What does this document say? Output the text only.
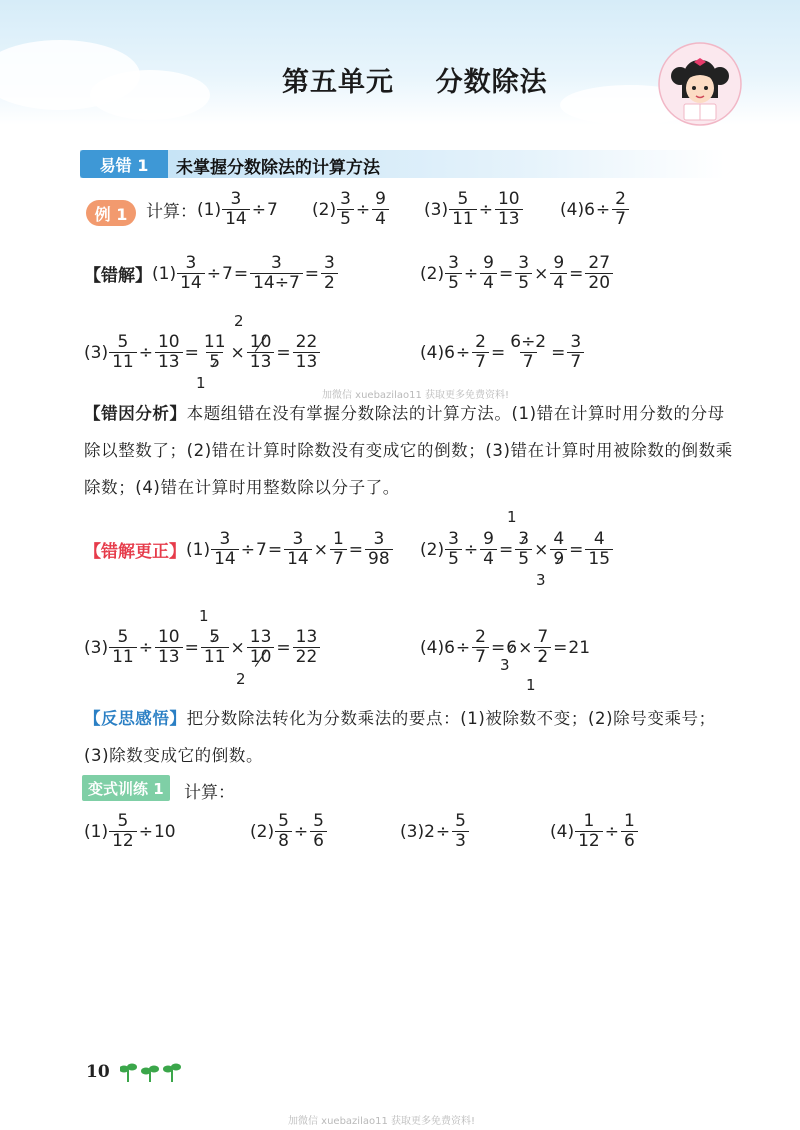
第五单元    分数除法
易错 1	未掌握分数除法的计算方法
例 1	计算： $(1) \frac{3}{14} \div 7$ $(2) \frac{3}{5} \div \frac{9}{4} (3) \frac{5}{11} \div \frac{10}{13} (4) 6 \div \frac{2}{7}$
【错解】 $(1) \frac{3}{14} \div 7 = \frac{3}{14\div 7} = \frac{3}{2}$	$(2) \frac{3}{5} \div \frac{9}{4} = \frac{3}{5} \times \frac{9}{4} = \frac{27}{20}$
$(3) \frac{5}{11} \div \frac{10}{13} = \frac{11}{5} \times \frac{10}{13} = \frac{22}{13}$
2
1
(4) $6 \div \frac{2}{7} = \frac{6\div 2}{7} = \frac{3}{7}$
加微信 xuebazilao11 获取更多免费资料!
【错因分析】本题组错在没有掌握分数除法的计算方法。(1)错在计算时用分数的分母除以整数了；(2)错在计算时除数没有变成它的倒数；(3)错在计算时用被除数的倒数乘除数；(4)错在计算时用整数除以分子了。
【错解更正】 $(1) \frac{3}{14} \div 7 = \frac{3}{14} \times \frac{1}{7} = \frac{3}{98} (2) \frac{3}{5} \div \frac{9}{4} = \frac{3}{5} \times \frac{4}{9} = \frac{4}{15}$
1
3
$(3) \frac{5}{11} \div \frac{10}{13} = \frac{5}{11} \times \frac{13}{10} = \frac{13}{22}$
1
2
(4) $6 \div \frac{2}{7} = 6 \times \frac{7}{2} = 21$
3
1
【反思感悟】把分数除法转化为分数乘法的要点：(1)被除数不变；(2)除号变乘号；(3)除数变成它的倒数。
变式训练 1	计算：
$(1) \frac{5}{12} \div 10$	$(2) \frac{5}{8} \div \frac{5}{6}$	(3) $2 \div \frac{5}{3}$	$(4) \frac{1}{12} \div \frac{1}{6}$
10
加微信 xuebazilao11 获取更多免费资料!
